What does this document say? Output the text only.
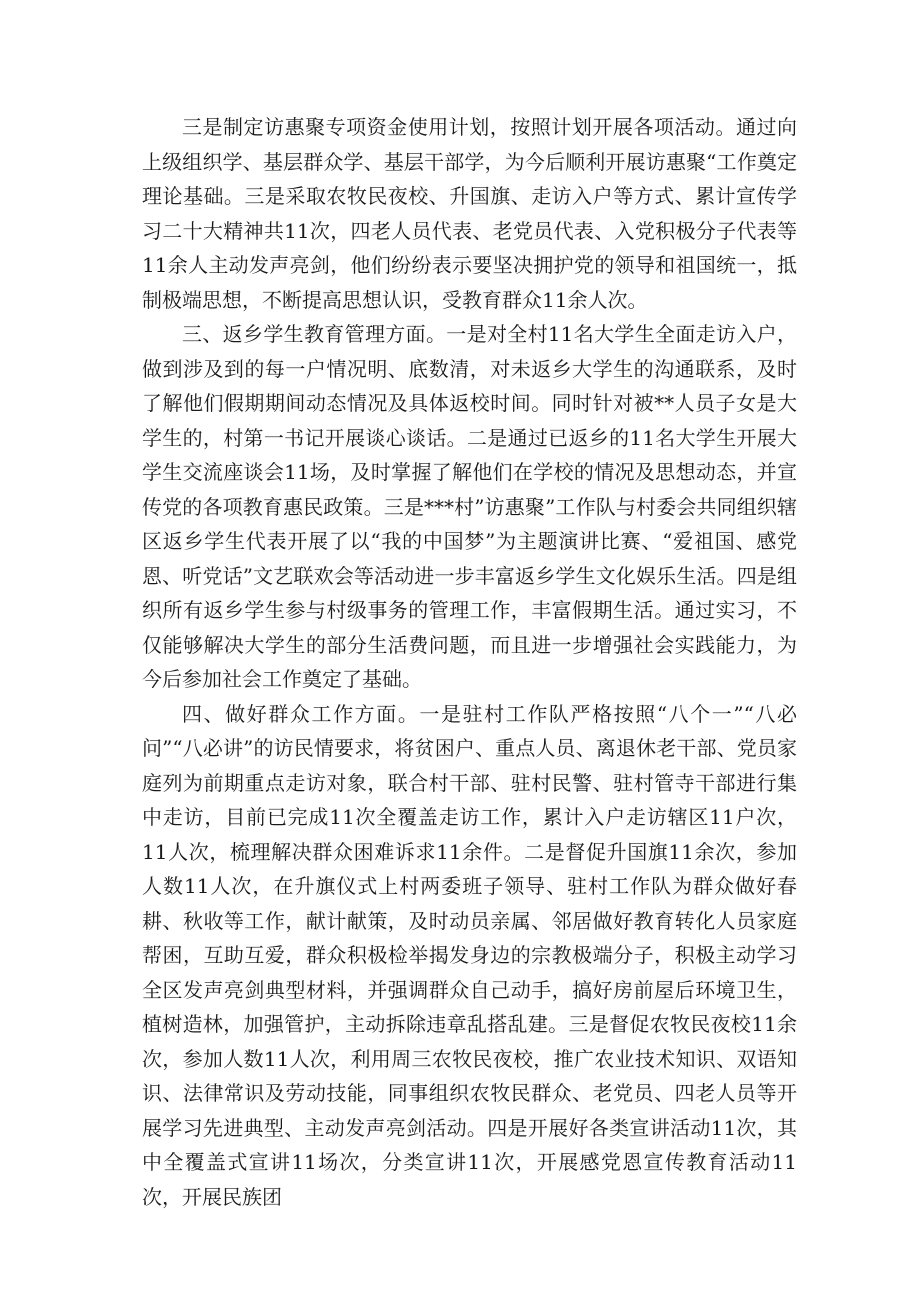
三是制定访惠聚专项资金使用计划，按照计划开展各项活动。通过向上级组织学、基层群众学、基层干部学，为今后顺利开展访惠聚“工作奠定理论基础。三是采取农牧民夜校、升国旗、走访入户等方式、累计宣传学习二十大精神共11次，四老人员代表、老党员代表、入党积极分子代表等11余人主动发声亮剑，他们纷纷表示要坚决拥护党的领导和祖国统一，抵制极端思想，不断提高思想认识，受教育群众11余人次。

三、返乡学生教育管理方面。一是对全村11名大学生全面走访入户，做到涉及到的每一户情况明、底数清，对未返乡大学生的沟通联系，及时了解他们假期期间动态情况及具体返校时间。同时针对被**人员子女是大学生的，村第一书记开展谈心谈话。二是通过已返乡的11名大学生开展大学生交流座谈会11场，及时掌握了解他们在学校的情况及思想动态，并宣传党的各项教育惠民政策。三是***村”访惠聚”工作队与村委会共同组织辖区返乡学生代表开展了以“我的中国梦”为主题演讲比赛、“爱祖国、感党恩、听党话”文艺联欢会等活动进一步丰富返乡学生文化娱乐生活。四是组织所有返乡学生参与村级事务的管理工作，丰富假期生活。通过实习，不仅能够解决大学生的部分生活费问题，而且进一步增强社会实践能力，为今后参加社会工作奠定了基础。

四、做好群众工作方面。一是驻村工作队严格按照“八个一”“八必问”“八必讲”的访民情要求，将贫困户、重点人员、离退休老干部、党员家庭列为前期重点走访对象，联合村干部、驻村民警、驻村管寺干部进行集中走访，目前已完成11次全覆盖走访工作，累计入户走访辖区11户次，11人次，梳理解决群众困难诉求11余件。二是督促升国旗11余次，参加人数11人次，在升旗仪式上村两委班子领导、驻村工作队为群众做好春耕、秋收等工作，献计献策，及时动员亲属、邻居做好教育转化人员家庭帮困，互助互爱，群众积极检举揭发身边的宗教极端分子，积极主动学习全区发声亮剑典型材料，并强调群众自己动手，搞好房前屋后环境卫生，植树造林，加强管护，主动拆除违章乱搭乱建。三是督促农牧民夜校11余次，参加人数11人次，利用周三农牧民夜校，推广农业技术知识、双语知识、法律常识及劳动技能，同事组织农牧民群众、老党员、四老人员等开展学习先进典型、主动发声亮剑活动。四是开展好各类宣讲活动11次，其中全覆盖式宣讲11场次，分类宣讲11次，开展感党恩宣传教育活动11次，开展民族团
